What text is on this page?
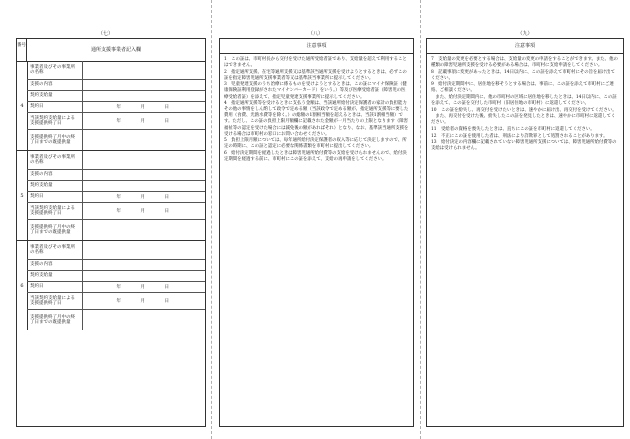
（七）
番号
通所支援事業者記入欄
4
事業者及びその事業所の名称
支援の内容
契約支給量
契約日	年	月	日
当該契約支給量による支援提供終了日	年	月	日
支援提供終了月中の終了日までの既提供量
5
事業者及びその事業所の名称
支援の内容
契約支給量
契約日	年	月	日
当該契約支給量による支援提供終了日	年	月	日
支援提供終了月中の終了日までの既提供量
6
事業者及びその事業所の名称
支援の内容
契約支給量
契約日	年	月	日
当該契約支給量による支援提供終了日	年	月	日
支援提供終了月中の終了日までの既提供量
（八）
注意事項

1　この証は、市町村長から交付を受けた通所受給者証であり、支給量を超えて利用することはできません。

2　指定通所支援、在宅等通所支援又は基準該当通所支援を受けようとするときは、必ずこの証を指定障害児通所支援事業者等又は基準該当事業所に提示してください。

3　児童発達支援のうち治療に係るものを受けようとするときは、この証にマイナ保険証（健康保険証利用登録がされたマイナンバーカード）をいう。）等及び医療受給者証（障害児の医療受給者証）を添えて、指定児童発達支援事業所に提示してください。

4　指定通所支援等を受けるときに支払う金額は、当該通所給付決定保護者の家計の負担能力その他の事情をしん酌して政令で定める額（当該政令で定める額が、指定通所支援等に要した費用（食費、光熱水費等を除く。）の総額の1割相当額を超えるときは、当該1割相当額）です。ただし、この証の負担上限月額欄に記載された金額が一月当たりの上限となります（障害福祉等の認定を受けた場合には減免後の額があればそれ）となり、なお、基準該当通所支援を受ける場合は市町村の窓口にお問い合わせください。

5　負担上限月額については、毎年通所給付決定保護者の収入等に応じて決定しますので、所定の時期に、この証と認定に必要な関係書類を市町村に提出してください。

6　給付決定期間を経過したときは障害児通所給付費等の支給を受けられませんので、給付決定期間を経過する前に、市町村にこの証を添えて、支給の再申請をしてください。

（九）
注意事項

7　支給量の変更を必要とする場合は、支給量の変更の申請をすることができます。また、他の種類の障害児通所支援を受ける必要がある場合は、市町村に支給申請をしてください。

8　記載事項に変更があったときは、14日以内に、この証を添えて市町村にその旨を届け出てください。

9　給付決定期間中に、居住地を移そうとする場合は、事前に、この証を添えて市町村にご連絡、ご相談ください。

　また、給付決定期間内に、他の市町村の区域に居住地を移したときは、14日以内に、この証を添えて、この証を交付した市町村（旧居住地の市町村）に返還してください。

10　この証を紛失し、再交付を受けたいときは、速やかに届け出、再交付を受けてください。

　また、再交付を受けた後、紛失したこの証を発見したときは、速やかに市町村に返還してください。

11　受給者の資格を喪失したときは、直ちにこの証を市町村に返還してください。

12　不正にこの証を使用した者は、刑法により詐欺罪として処罰されることがあります。

13　給付決定の内容欄に記載されていない障害児通所支援については、障害児通所給付費等の支給は受けられません。
